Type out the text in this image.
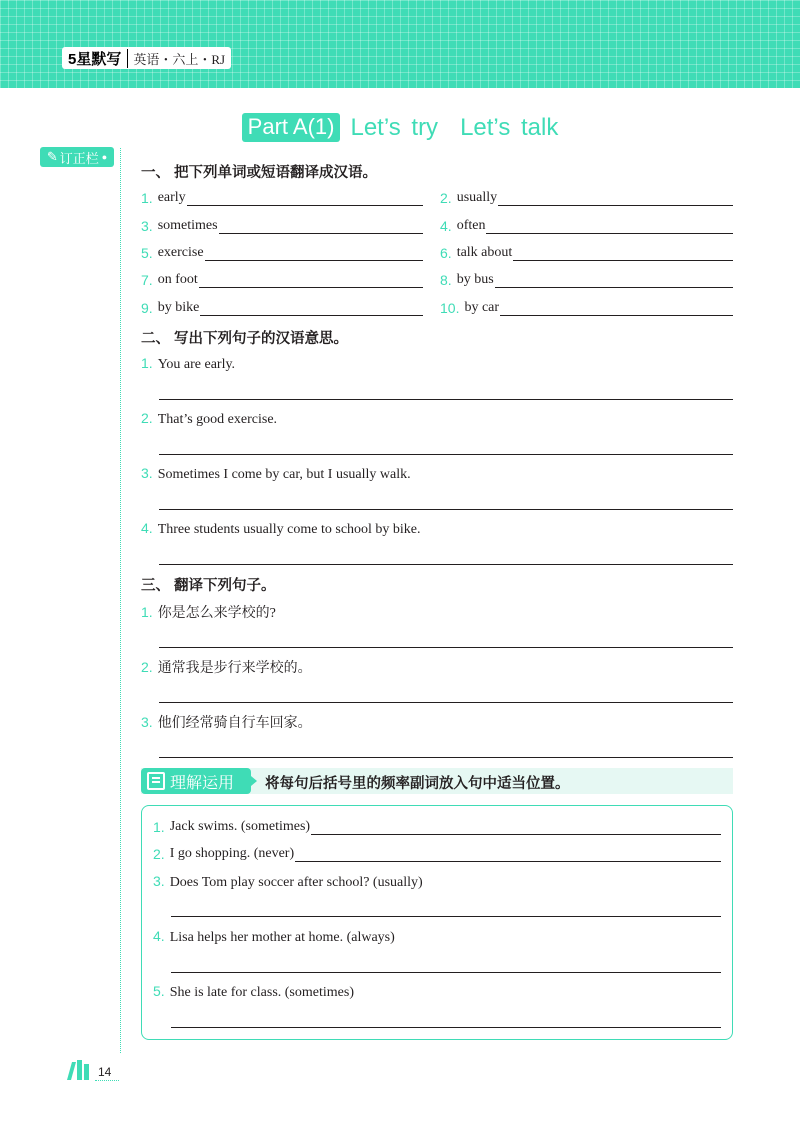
5星默写 英语・六上・RJ
Part A(1) Let’s try Let’s talk
✎ 订正栏 ●
一、 把下列单词或短语翻译成汉语。
1. early	2. usually
3. sometimes	4. often
5. exercise	6. talk about
7. on foot	8. by bus
9. by bike	10. by car
二、 写出下列句子的汉语意思。
1. You are early.
2. That’s good exercise.
3. Sometimes I come by car, but I usually walk.
4. Three students usually come to school by bike.
三、 翻译下列句子。
1. 你是怎么来学校的?
2. 通常我是步行来学校的。
3. 他们经常骑自行车回家。
理解运用 将每句后括号里的频率副词放入句中适当位置。
1. Jack swims. (sometimes)
2. I go shopping. (never)
3. Does Tom play soccer after school? (usually)
4. Lisa helps her mother at home. (always)
5. She is late for class. (sometimes)
14
